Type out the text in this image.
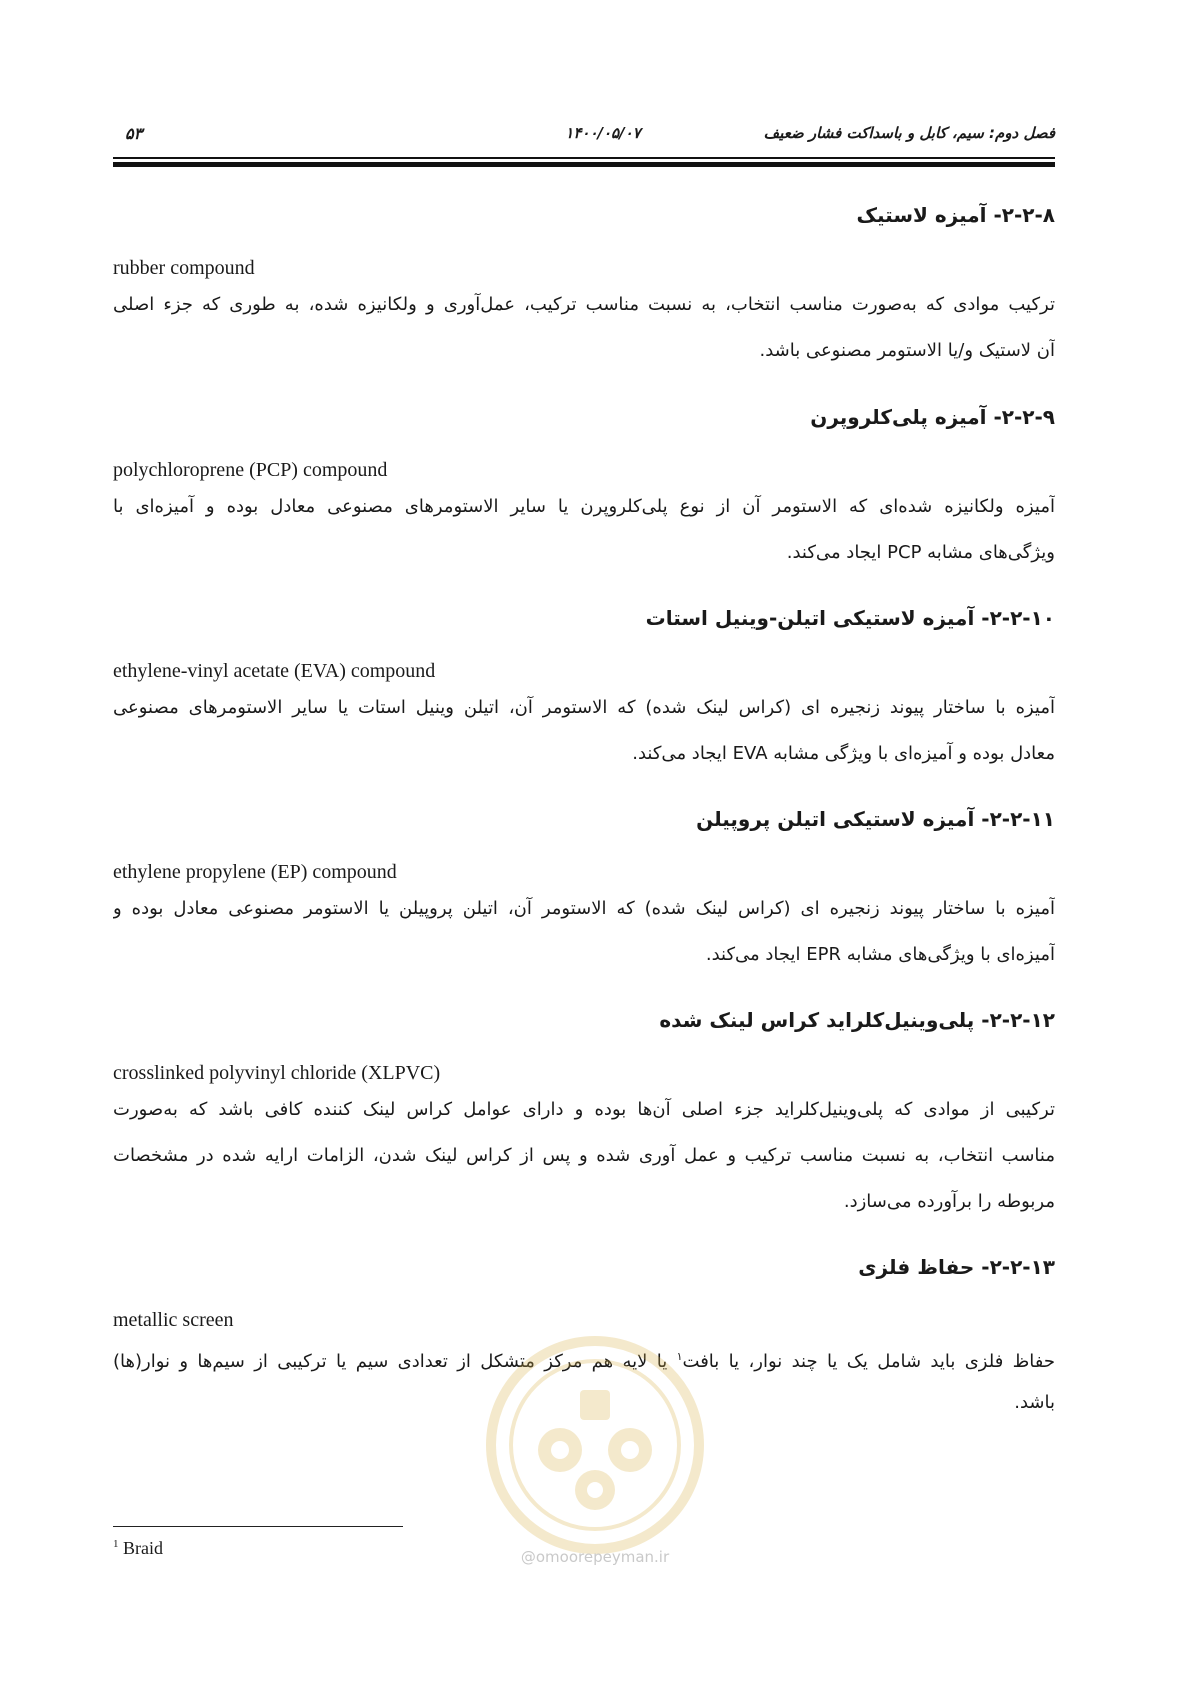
فصل دوم: سیم، کابل و باسداکت فشار ضعیف
۱۴۰۰/۰۵/۰۷
۵۳
۲-۲-۸- آمیزه لاستیک
rubber compound
ترکیب موادی که به‌صورت مناسب انتخاب، به نسبت مناسب ترکیب، عمل‌آوری و ولکانیزه شده، به طوری که جزء اصلی
آن لاستیک و/یا الاستومر مصنوعی باشد.
۲-۲-۹- آمیزه پلی‌کلروپرن
polychloroprene (PCP) compound
آمیزه ولکانیزه شده‌ای که الاستومر آن از نوع پلی‌کلروپرن یا سایر الاستومرهای مصنوعی معادل بوده و آمیزه‌ای با
ویژگی‌های مشابه PCP ایجاد می‌کند.
۲-۲-۱۰- آمیزه لاستیکی اتیلن-وینیل استات
ethylene-vinyl acetate (EVA) compound
آمیزه با ساختار پیوند زنجیره ای (کراس لینک شده) که الاستومر آن، اتیلن وینیل استات یا سایر الاستومرهای مصنوعی
معادل بوده و آمیزه‌ای با ویژگی مشابه EVA ایجاد می‌کند.
۲-۲-۱۱- آمیزه لاستیکی اتیلن پروپیلن
ethylene propylene (EP) compound
آمیزه با ساختار پیوند زنجیره ای (کراس لینک شده) که الاستومر آن، اتیلن پروپیلن یا الاستومر مصنوعی معادل بوده و
آمیزه‌ای با ویژگی‌های مشابه EPR ایجاد می‌کند.
۲-۲-۱۲- پلی‌وینیل‌کلراید کراس لینک شده
crosslinked polyvinyl chloride (XLPVC)
ترکیبی از موادی که پلی‌وینیل‌کلراید جزء اصلی آن‌ها بوده و دارای عوامل کراس لینک کننده کافی باشد که به‌صورت
مناسب انتخاب، به نسبت مناسب ترکیب و عمل آوری شده و پس از کراس لینک شدن، الزامات ارایه شده در مشخصات
مربوطه را برآورده می‌سازد.
۲-۲-۱۳- حفاظ فلزی
metallic screen
حفاظ فلزی باید شامل یک یا چند نوار، یا بافت$^۱$ یا لایه هم مرکز متشکل از تعدادی سیم یا ترکیبی از سیم‌ها و نوار(ها)
باشد.
@omoorepeyman.ir
$^1$ Braid
